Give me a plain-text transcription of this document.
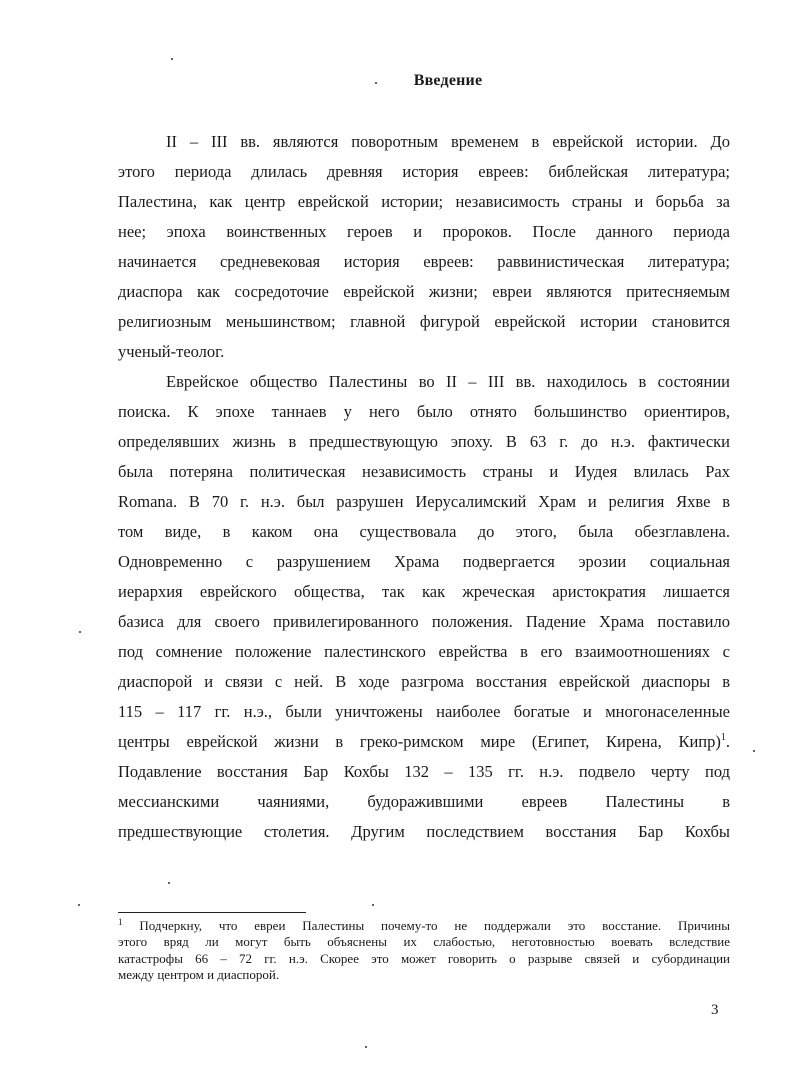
Введение
II – III вв. являются поворотным временем в еврейской истории. До
этого периода длилась древняя история евреев: библейская литература;
Палестина, как центр еврейской истории; независимость страны и борьба за
нее; эпоха воинственных героев и пророков. После данного периода
начинается средневековая история евреев: раввинистическая литература;
диаспора как сосредоточие еврейской жизни; евреи являются притесняемым
религиозным меньшинством; главной фигурой еврейской истории становится
ученый-теолог.
Еврейское общество Палестины во II – III вв. находилось в состоянии
поиска. К эпохе таннаев у него было отнято большинство ориентиров,
определявших жизнь в предшествующую эпоху. В 63 г. до н.э. фактически
была потеряна политическая независимость страны и Иудея влилась Pax
Romana. В 70 г. н.э. был разрушен Иерусалимский Храм и религия Яхве в
том виде, в каком она существовала до этого, была обезглавлена.
Одновременно с разрушением Храма подвергается эрозии социальная
иерархия еврейского общества, так как жреческая аристократия лишается
базиса для своего привилегированного положения. Падение Храма поставило
под сомнение положение палестинского еврейства в его взаимоотношениях с
диаспорой и связи с ней. В ходе разгрома восстания еврейской диаспоры в
115 – 117 гг. н.э., были уничтожены наиболее богатые и многонаселенные
центры еврейской жизни в греко-римском мире (Египет, Кирена, Кипр)$^1$.
Подавление восстания Бар Кохбы 132 – 135 гг. н.э. подвело черту под
мессианскими чаяниями, будоражившими евреев Палестины в
предшествующие столетия. Другим последствием восстания Бар Кохбы
$^1$ Подчеркну, что евреи Палестины почему-то не поддержали это восстание. Причины
этого вряд ли могут быть объяснены их слабостью, неготовностью воевать вследствие
катастрофы 66 – 72 гг. н.э. Скорее это может говорить о разрыве связей и субординации
между центром и диаспорой.
3
